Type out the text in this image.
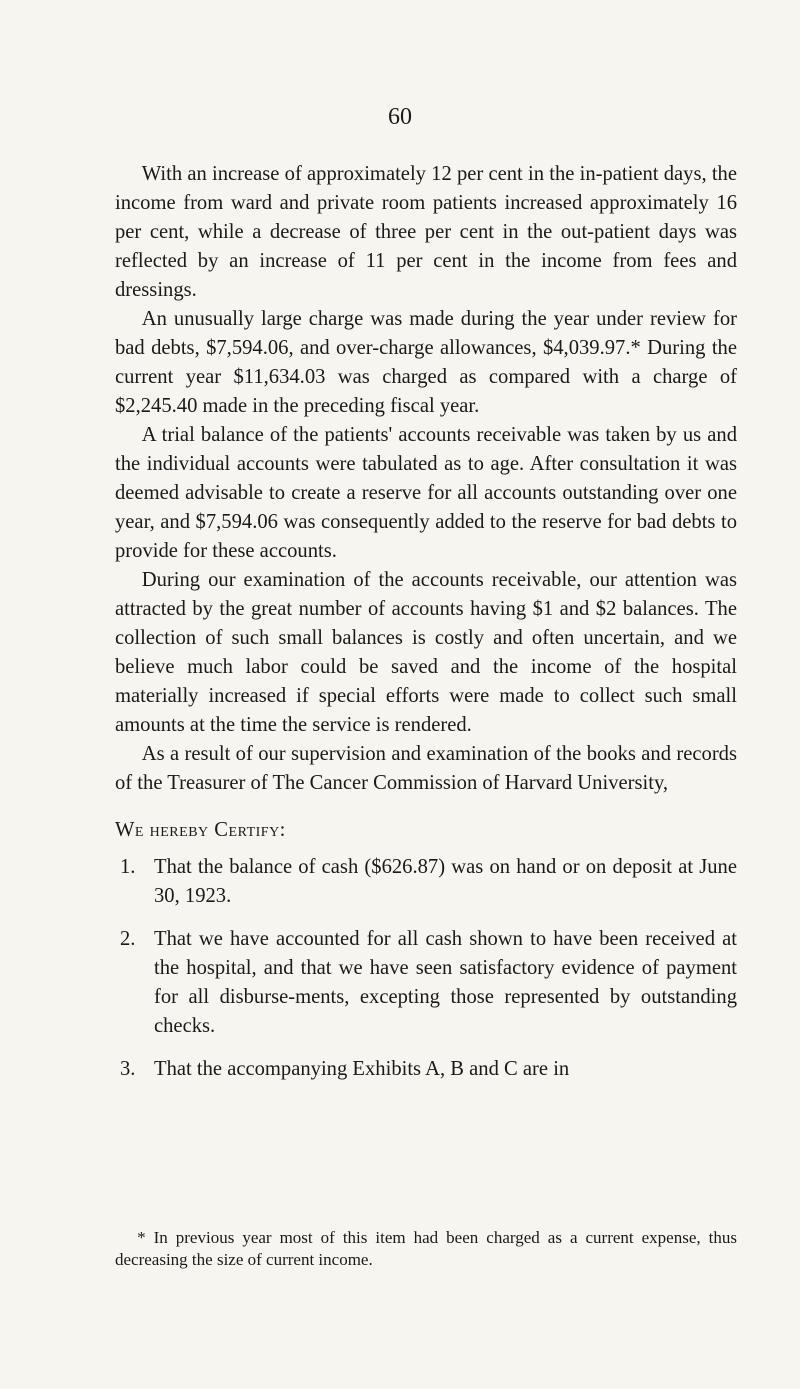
60

With an increase of approximately 12 per cent in the in-patient days, the income from ward and private room patients increased approximately 16 per cent, while a decrease of three per cent in the out-patient days was reflected by an increase of 11 per cent in the income from fees and dressings.

An unusually large charge was made during the year under review for bad debts, $7,594.06, and over-charge allowances, $4,039.97.* During the current year $11,634.03 was charged as compared with a charge of $2,245.40 made in the preceding fiscal year.

A trial balance of the patients' accounts receivable was taken by us and the individual accounts were tabulated as to age. After consultation it was deemed advisable to create a reserve for all accounts outstanding over one year, and $7,594.06 was consequently added to the reserve for bad debts to provide for these accounts.

During our examination of the accounts receivable, our attention was attracted by the great number of accounts having $1 and $2 balances. The collection of such small balances is costly and often uncertain, and we believe much labor could be saved and the income of the hospital materially increased if special efforts were made to collect such small amounts at the time the service is rendered.

As a result of our supervision and examination of the books and records of the Treasurer of The Cancer Commission of Harvard University,

We hereby Certify:
1. That the balance of cash ($626.87) was on hand or on deposit at June 30, 1923.
2. That we have accounted for all cash shown to have been received at the hospital, and that we have seen satisfactory evidence of payment for all disburse-ments, excepting those represented by outstanding checks.
3. That the accompanying Exhibits A, B and C are in
* In previous year most of this item had been charged as a current expense, thus decreasing the size of current income.
